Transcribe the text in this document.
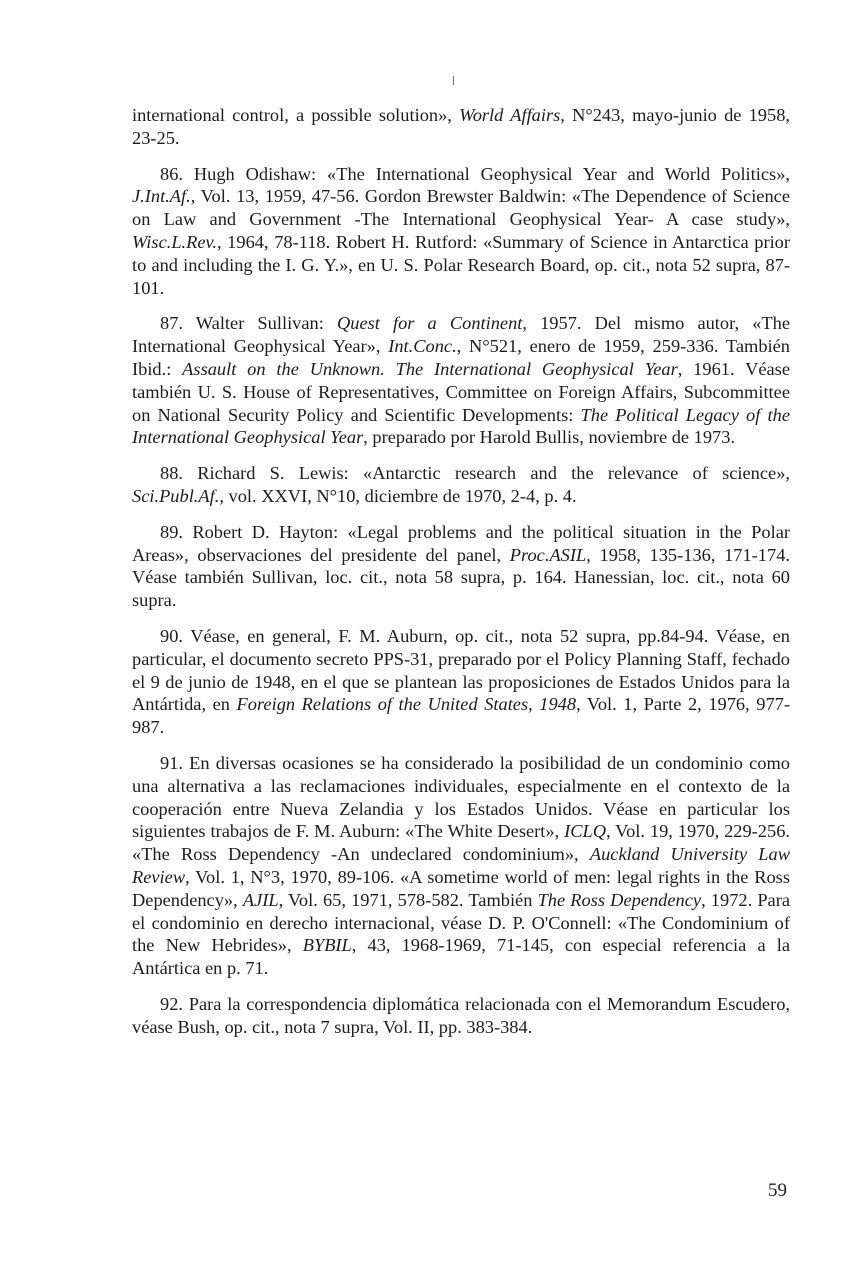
international control, a possible solution», World Affairs, N°243, mayo-junio de 1958, 23-25.

86. Hugh Odishaw: «The International Geophysical Year and World Politics», J.Int.Af., Vol. 13, 1959, 47-56. Gordon Brewster Baldwin: «The Dependence of Science on Law and Government -The International Geophysical Year- A case study», Wisc.L.Rev., 1964, 78-118. Robert H. Rutford: «Summary of Science in Antarctica prior to and including the I. G. Y.», en U. S. Polar Research Board, op. cit., nota 52 supra, 87-101.

87. Walter Sullivan: Quest for a Continent, 1957. Del mismo autor, «The International Geophysical Year», Int.Conc., N°521, enero de 1959, 259-336. También Ibid.: Assault on the Unknown. The International Geophysical Year, 1961. Véase también U. S. House of Representatives, Committee on Foreign Affairs, Subcommittee on National Security Policy and Scientific Developments: The Political Legacy of the International Geophysical Year, preparado por Harold Bullis, noviembre de 1973.

88. Richard S. Lewis: «Antarctic research and the relevance of science», Sci.Publ.Af., vol. XXVI, N°10, diciembre de 1970, 2-4, p. 4.

89. Robert D. Hayton: «Legal problems and the political situation in the Polar Areas», observaciones del presidente del panel, Proc.ASIL, 1958, 135-136, 171-174. Véase también Sullivan, loc. cit., nota 58 supra, p. 164. Hanessian, loc. cit., nota 60 supra.

90. Véase, en general, F. M. Auburn, op. cit., nota 52 supra, pp.84-94. Véase, en particular, el documento secreto PPS-31, preparado por el Policy Planning Staff, fechado el 9 de junio de 1948, en el que se plantean las proposiciones de Estados Unidos para la Antártida, en Foreign Relations of the United States, 1948, Vol. 1, Parte 2, 1976, 977-987.

91. En diversas ocasiones se ha considerado la posibilidad de un condominio como una alternativa a las reclamaciones individuales, especialmente en el contexto de la cooperación entre Nueva Zelandia y los Estados Unidos. Véase en particular los siguientes trabajos de F. M. Auburn: «The White Desert», ICLQ, Vol. 19, 1970, 229-256. «The Ross Dependency -An undeclared condominium», Auckland University Law Review, Vol. 1, N°3, 1970, 89-106. «A sometime world of men: legal rights in the Ross Dependency», AJIL, Vol. 65, 1971, 578-582. También The Ross Dependency, 1972. Para el condominio en derecho internacional, véase D. P. O'Connell: «The Condominium of the New Hebrides», BYBIL, 43, 1968-1969, 71-145, con especial referencia a la Antártica en p. 71.

92. Para la correspondencia diplomática relacionada con el Memorandum Escudero, véase Bush, op. cit., nota 7 supra, Vol. II, pp. 383-384.

59
